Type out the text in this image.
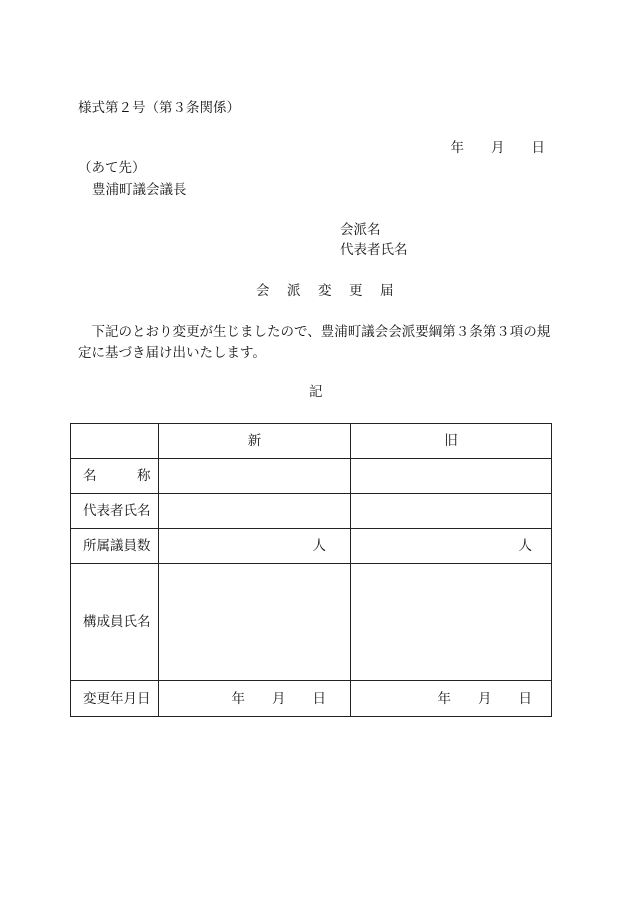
様式第２号（第３条関係）
年　　月　　日
（あて先）
豊浦町議会議長
会派名
代表者氏名
会　派　変　更　届
　下記のとおり変更が生じましたので、豊浦町議会会派要綱第３条第３項の規
定に基づき届け出いたします。
記
	新	旧
名　　　称		
代表者氏名		
所属議員数	人	人
構成員氏名		
変更年月日	年　　月　　日	年　　月　　日
